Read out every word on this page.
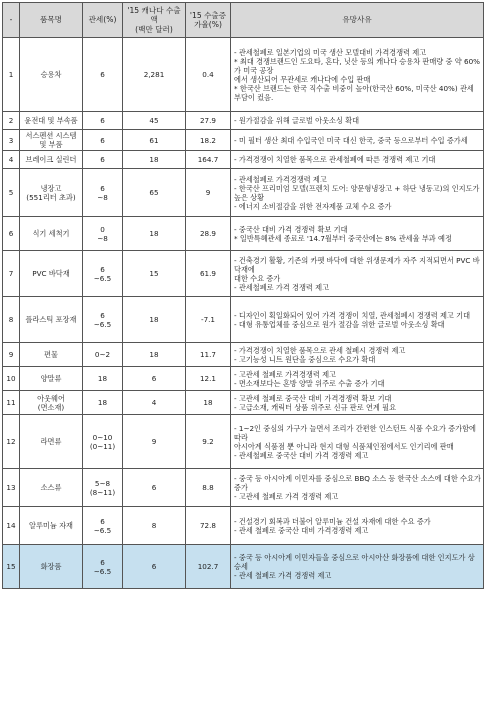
-	품목명	관세(%)	'15 캐나다 수출액
(백만 달러)	'15 수출증가율(%)	유망사유

1	승용차	6	2,281	0.4	- 관세철폐로 일본기업의 미국 생산 모델대비 가격경쟁력 제고
* 최대 경쟁브랜드인 도요타, 혼다, 닛산 등의 캐나다 승용차 판매량 중 약 60%가 미국 공장
에서 생산되어 무관세로 캐나다에 수입 판매
* 한국산 브랜드는 한국 직수출 비중이 높아(한국산 60%, 미국산 40%) 관세 부담이 컸음.

2	윤전대 및 부속품	6	45	27.9	- 원가절감을 위해 글로벌 아웃소싱 확대

3	서스펜션 시스템 및 부품	6	61	18.2	- 미 필터 생산 최대 수입국인 미국 대신 한국, 중국 등으로부터 수입 증가세

4	브레이크 실린더	6	18	164.7	- 가격경쟁이 치열한 품목으로 관세철폐에 따른 경쟁력 제고 기대

5	냉장고
(551리터 초과)	6
~8	65	9	- 관세철폐로 가격경쟁력 제고
- 한국산 프리미엄 모델(프렌치 도어: 양문형냉장고 + 하단 냉동고)의 인지도가 높은 상황
- 에너지 소비절감을 위한 전자제품 교체 수요 증가

6	식기 세척기	0
~8	18	28.9	- 중국산 대비 가격 경쟁력 확보 기대
* 일반특혜관세 종료로 '14.7월부터 중국산에는 8% 관세율 부과 예정

7	PVC 바닥재	6
~6.5	15	61.9	- 건축경기 활황, 기존의 카펫 바닥에 대한 위생문제가 자주 지적되면서 PVC 바닥재에
대한 수요 증가
- 관세철폐로 가격 경쟁력 제고

8	플라스틱 포장재	6
~6.5	18	-7.1	- 디자인이 획일화되어 있어 가격 경쟁이 치열, 관세철폐시 경쟁력 제고 기대
- 대형 유통업체를 중심으로 원가 절감을 위한 글로벌 아웃소싱 확대

9	편물	0~2	18	11.7	- 가격경쟁이 치열한 품목으로 관세 철폐시 경쟁력 제고
- 고기능성 니트 원단을 중심으로 수요가 확대

10	양말류	18	6	12.1	- 고관세 철폐로 가격경쟁력 제고
- 면소재보다는 혼방 양말 위주로 수출 증가 기대

11	아웃웨어
(면소재)	18	4	18	- 고관세 철폐로 중국산 대비 가격경쟁력 확보 기대
- 고급소재, 캐릭터 상품 위주로 신규 판로 연계 필요

12	라면류	0~10
(0~11)	9	9.2	- 1~2인 중심의 가구가 늘면서 조리가 간편한 인스턴트 식품 수요가 증가함에 따라
아시아계 식품점 뿐 아니라 현지 대형 식품체인점에서도 인기리에 판매
- 관세철폐로 중국산 대비 가격 경쟁력 제고

13	소스류	5~8
(8~11)	6	8.8	- 중국 등 아시아계 이민자를 중심으로 BBQ 소스 등 한국산 소스에 대한 수요가 증가
- 고관세 철폐로 가격 경쟁력 제고

14	알루미늄 자재	6
~6.5	8	72.8	- 건설경기 회복과 더불어 알루미늄 건설 자재에 대한 수요 증가
- 관세 철폐로 중국산 대비 가격경쟁력 제고

15	화장품	6
~6.5	6	102.7	- 중국 등 아시아계 이민자들을 중심으로 아시아산 화장품에 대한 인지도가 상승세
- 관세 철폐로 가격 경쟁력 제고
